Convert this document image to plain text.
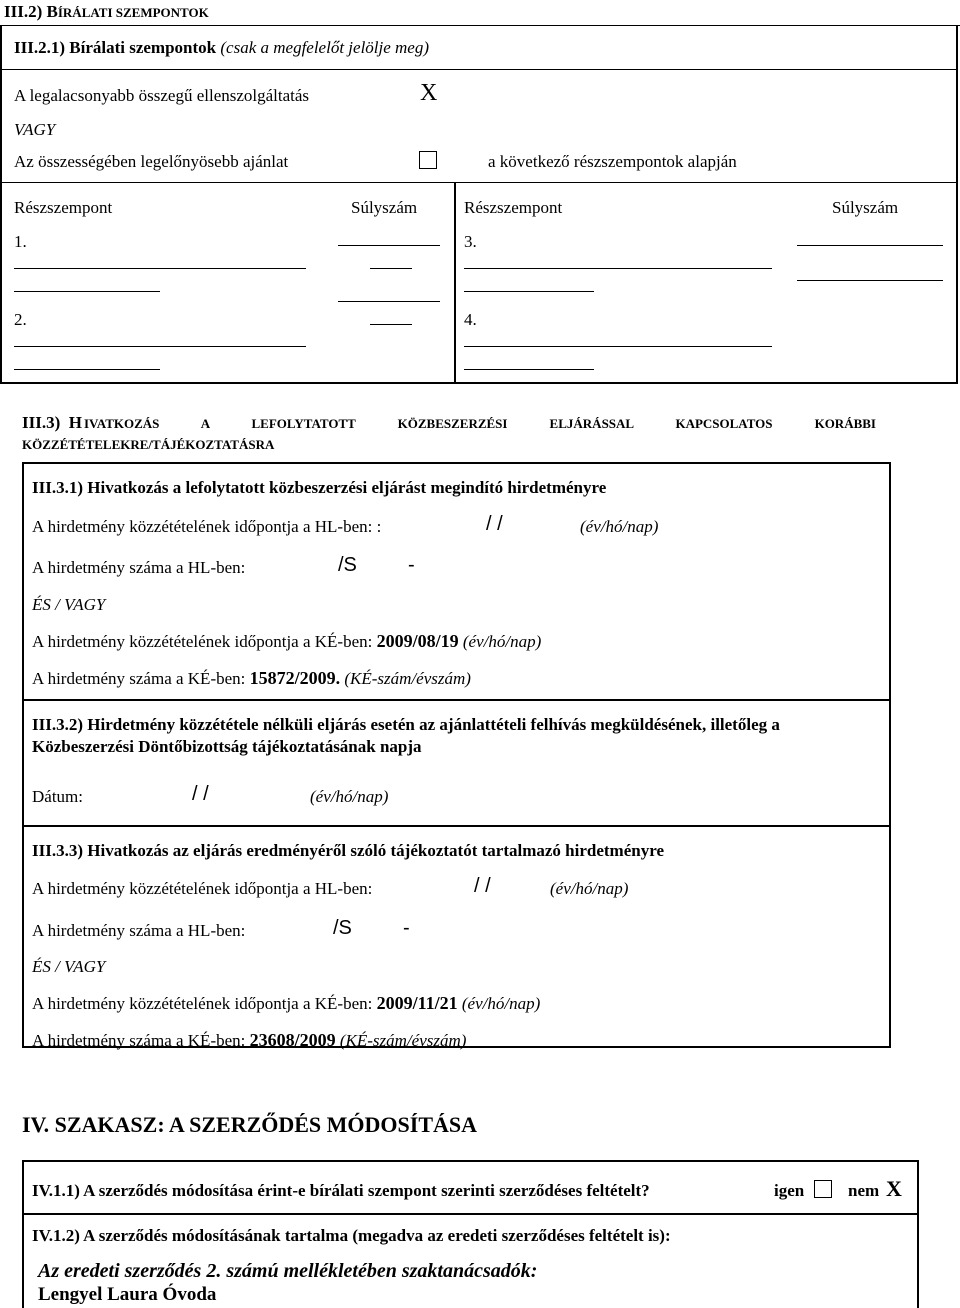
III.2) BÍRÁLATI SZEMPONTOK
III.2.1) Bírálati szempontok (csak a megfelelőt jelölje meg)
A legalacsonyabb összegű ellenszolgáltatás	X
VAGY
Az összességében legelőnyösebb ajánlat	a következő részszempontok alapján
Részszempont	Súlyszám	Részszempont	Súlyszám
1.
2.
3.
4.
III.3) H IVATKOZÁS A LEFOLYTATOTT KÖZBESZERZÉSI ELJÁRÁSSAL KAPCSOLATOS KORÁBBI
KÖZZÉTÉTELEKRE/TÁJÉKOZTATÁSRA
III.3.1) Hivatkozás a lefolytatott közbeszerzési eljárást megindító hirdetményre
A hirdetmény közzétételének időpontja a HL-ben: :	/ /	(év/hó/nap)
A hirdetmény száma a HL-ben:	/S	-
ÉS / VAGY
A hirdetmény közzétételének időpontja a KÉ-ben: 2009/08/19 (év/hó/nap)
A hirdetmény száma a KÉ-ben: 15872/2009. (KÉ-szám/évszám)
III.3.2) Hirdetmény közzététele nélküli eljárás esetén az ajánlattételi felhívás megküldésének, illetőleg a
Közbeszerzési Döntőbizottság tájékoztatásának napja
Dátum:	/ /	(év/hó/nap)
III.3.3) Hivatkozás az eljárás eredményéről szóló tájékoztatót tartalmazó hirdetményre
A hirdetmény közzétételének időpontja a HL-ben:	/ /	(év/hó/nap)
A hirdetmény száma a HL-ben:	/S	-
ÉS / VAGY
A hirdetmény közzétételének időpontja a KÉ-ben: 2009/11/21 (év/hó/nap)
A hirdetmény száma a KÉ-ben: 23608/2009 (KÉ-szám/évszám)
IV. SZAKASZ: A SZERZŐDÉS MÓDOSÍTÁSA
IV.1.1) A szerződés módosítása érint-e bírálati szempont szerinti szerződéses feltételt?	igen	nem X
IV.1.2) A szerződés módosításának tartalma (megadva az eredeti szerződéses feltételt is):
Az eredeti szerződés 2. számú mellékletében szaktanácsadók:
Lengyel Laura Óvoda
